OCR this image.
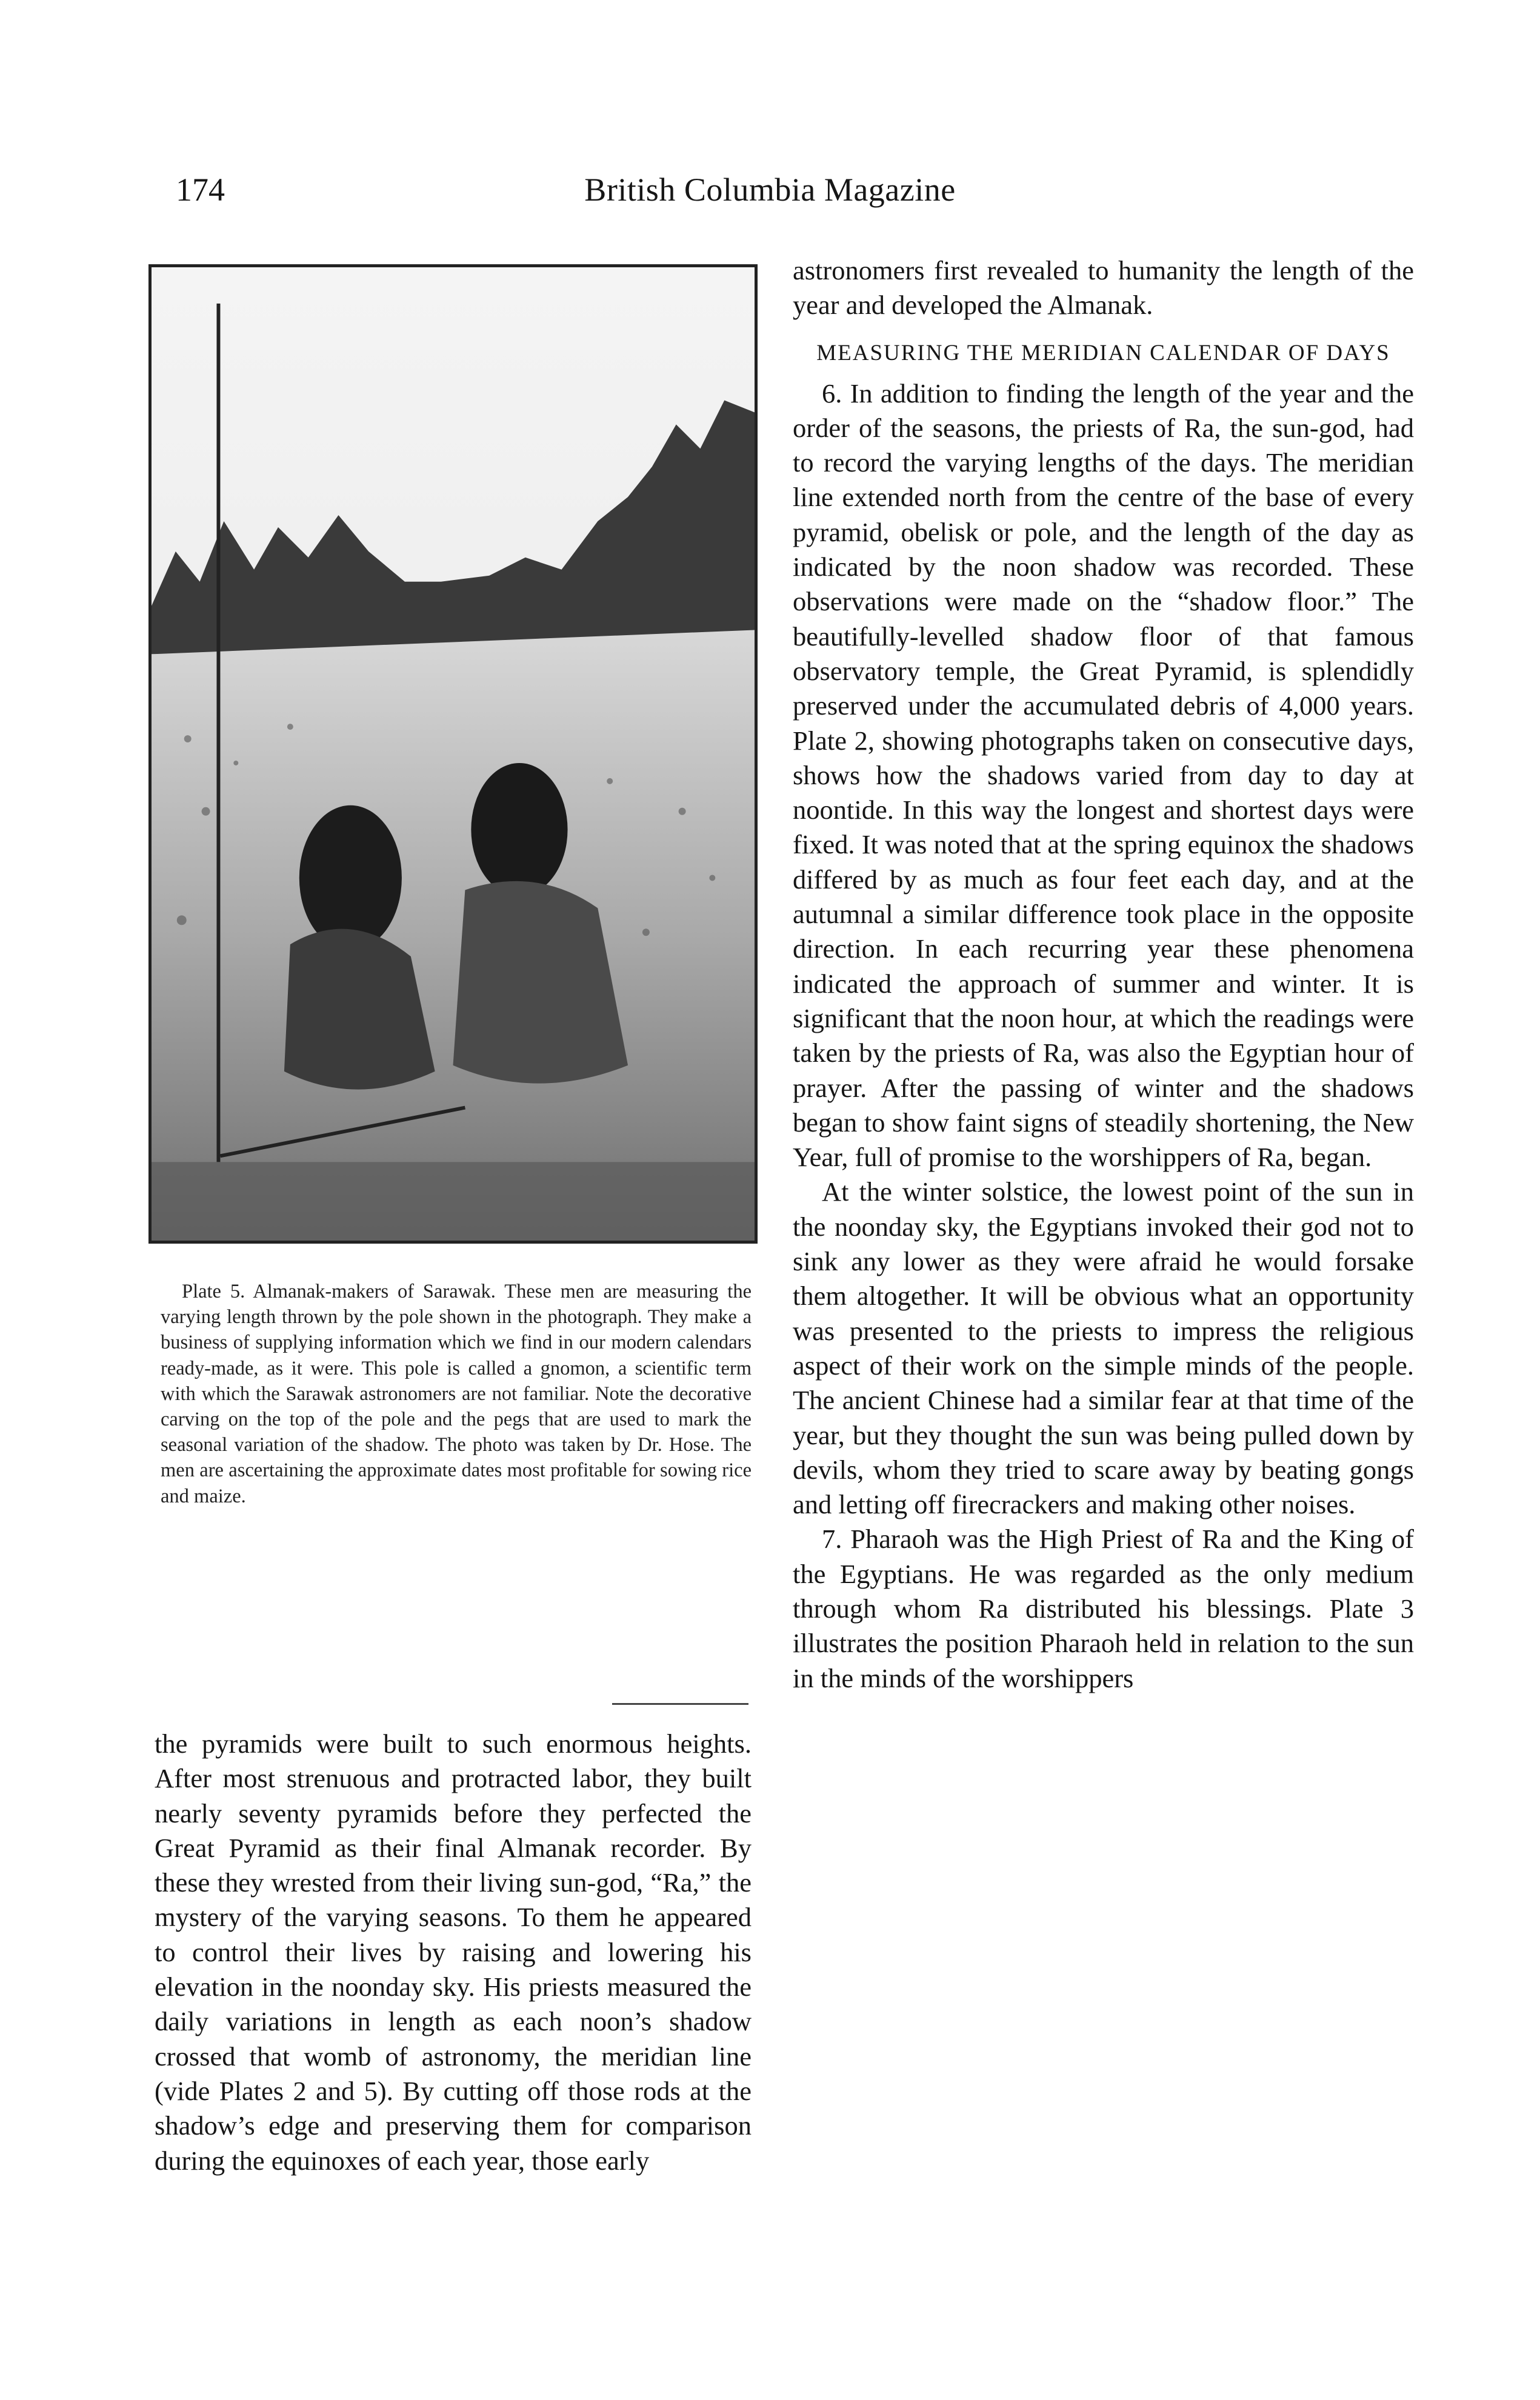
174	British Columbia Magazine

Plate 5. Almanak-makers of Sarawak. These men are measuring the varying length thrown by the pole shown in the photograph. They make a business of supplying information which we find in our modern calendars ready-made, as it were. This pole is called a gnomon, a scientific term with which the Sarawak astronomers are not familiar. Note the decorative carving on the top of the pole and the pegs that are used to mark the seasonal variation of the shadow. The photo was taken by Dr. Hose. The men are ascertaining the approximate dates most profitable for sowing rice and maize.

the pyramids were built to such enormous heights. After most strenuous and protracted labor, they built nearly seventy pyramids before they perfected the Great Pyramid as their final Almanak recorder. By these they wrested from their living sun-god, “Ra,” the mystery of the varying seasons. To them he appeared to control their lives by raising and lowering his elevation in the noonday sky. His priests measured the daily variations in length as each noon’s shadow crossed that womb of astronomy, the meridian line (vide Plates 2 and 5). By cutting off those rods at the shadow’s edge and preserving them for comparison during the equinoxes of each year, those early

astronomers first revealed to humanity the length of the year and developed the Almanak.

MEASURING THE MERIDIAN CALENDAR OF DAYS

6. In addition to finding the length of the year and the order of the seasons, the priests of Ra, the sun-god, had to record the varying lengths of the days. The meridian line extended north from the centre of the base of every pyramid, obelisk or pole, and the length of the day as indicated by the noon shadow was recorded. These observations were made on the “shadow floor.” The beautifully-levelled shadow floor of that famous observatory temple, the Great Pyramid, is splendidly preserved under the accumulated debris of 4,000 years. Plate 2, showing photographs taken on consecutive days, shows how the shadows varied from day to day at noontide. In this way the longest and shortest days were fixed. It was noted that at the spring equinox the shadows differed by as much as four feet each day, and at the autumnal a similar difference took place in the opposite direction. In each recurring year these phenomena indicated the approach of summer and winter. It is significant that the noon hour, at which the readings were taken by the priests of Ra, was also the Egyptian hour of prayer. After the passing of winter and the shadows began to show faint signs of steadily shortening, the New Year, full of promise to the worshippers of Ra, began.

At the winter solstice, the lowest point of the sun in the noonday sky, the Egyptians invoked their god not to sink any lower as they were afraid he would forsake them altogether. It will be obvious what an opportunity was presented to the priests to impress the religious aspect of their work on the simple minds of the people. The ancient Chinese had a similar fear at that time of the year, but they thought the sun was being pulled down by devils, whom they tried to scare away by beating gongs and letting off firecrackers and making other noises.

7. Pharaoh was the High Priest of Ra and the King of the Egyptians. He was regarded as the only medium through whom Ra distributed his blessings. Plate 3 illustrates the position Pharaoh held in relation to the sun in the minds of the worshippers
